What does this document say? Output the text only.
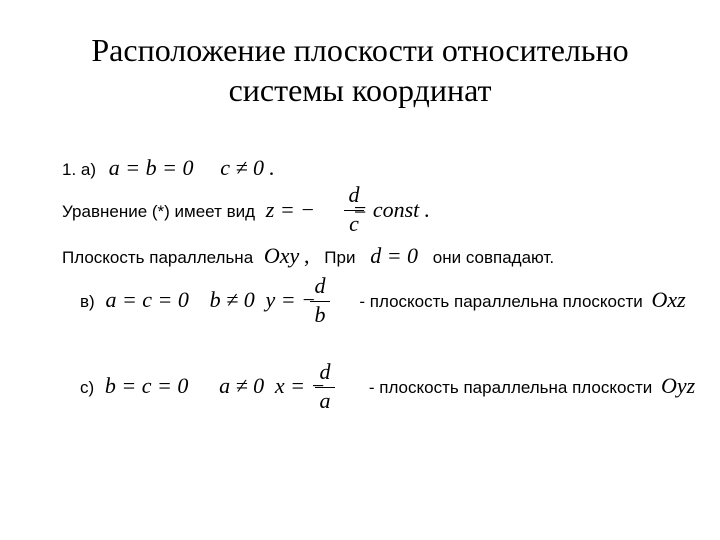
Расположение плоскости относительно
системы координат
1. а) a = b = 0 c ≠ 0 .
Уравнение (*) имеет вид z = − = const .
d
c
Плоскость параллельна Oxy , При d = 0 они совпадают.
в) a = c = 0 b ≠ 0 y = −	- плоскость параллельна плоскости Oxz
d
b
с) b = c = 0 a ≠ 0 x = −	- плоскость параллельна плоскости Oyz
d
a
